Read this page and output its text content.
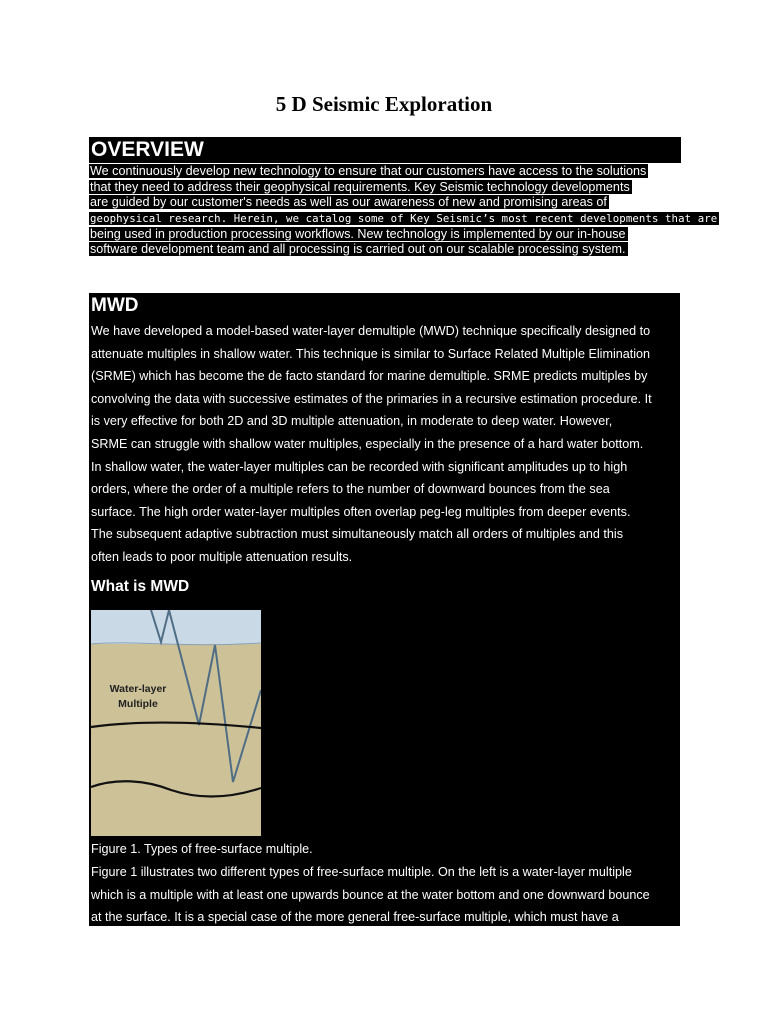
5 D Seismic Exploration
OVERVIEW
We continuously develop new technology to ensure that our customers have access to the solutions
that they need to address their geophysical requirements. Key Seismic technology developments
are guided by our customer's needs as well as our awareness of new and promising areas of
geophysical research. Herein, we catalog some of Key Seismic’s most recent developments that are
being used in production processing workflows. New technology is implemented by our in-house
software development team and all processing is carried out on our scalable processing system.
MWD

We have developed a model-based water-layer demultiple (MWD) technique specifically designed to
attenuate multiples in shallow water. This technique is similar to Surface Related Multiple Elimination
(SRME) which has become the de facto standard for marine demultiple. SRME predicts multiples by
convolving the data with successive estimates of the primaries in a recursive estimation procedure. It
is very effective for both 2D and 3D multiple attenuation, in moderate to deep water. However,
SRME can struggle with shallow water multiples, especially in the presence of a hard water bottom.
In shallow water, the water-layer multiples can be recorded with significant amplitudes up to high
orders, where the order of a multiple refers to the number of downward bounces from the sea
surface. The high order water-layer multiples often overlap peg-leg multiples from deeper events.
The subsequent adaptive subtraction must simultaneously match all orders of multiples and this
often leads to poor multiple attenuation results.

What is MWD
Water-layer
Multiple
Figure 1. Types of free-surface multiple.

Figure 1 illustrates two different types of free-surface multiple. On the left is a water-layer multiple
which is a multiple with at least one upwards bounce at the water bottom and one downward bounce
at the surface. It is a special case of the more general free-surface multiple, which must have a
